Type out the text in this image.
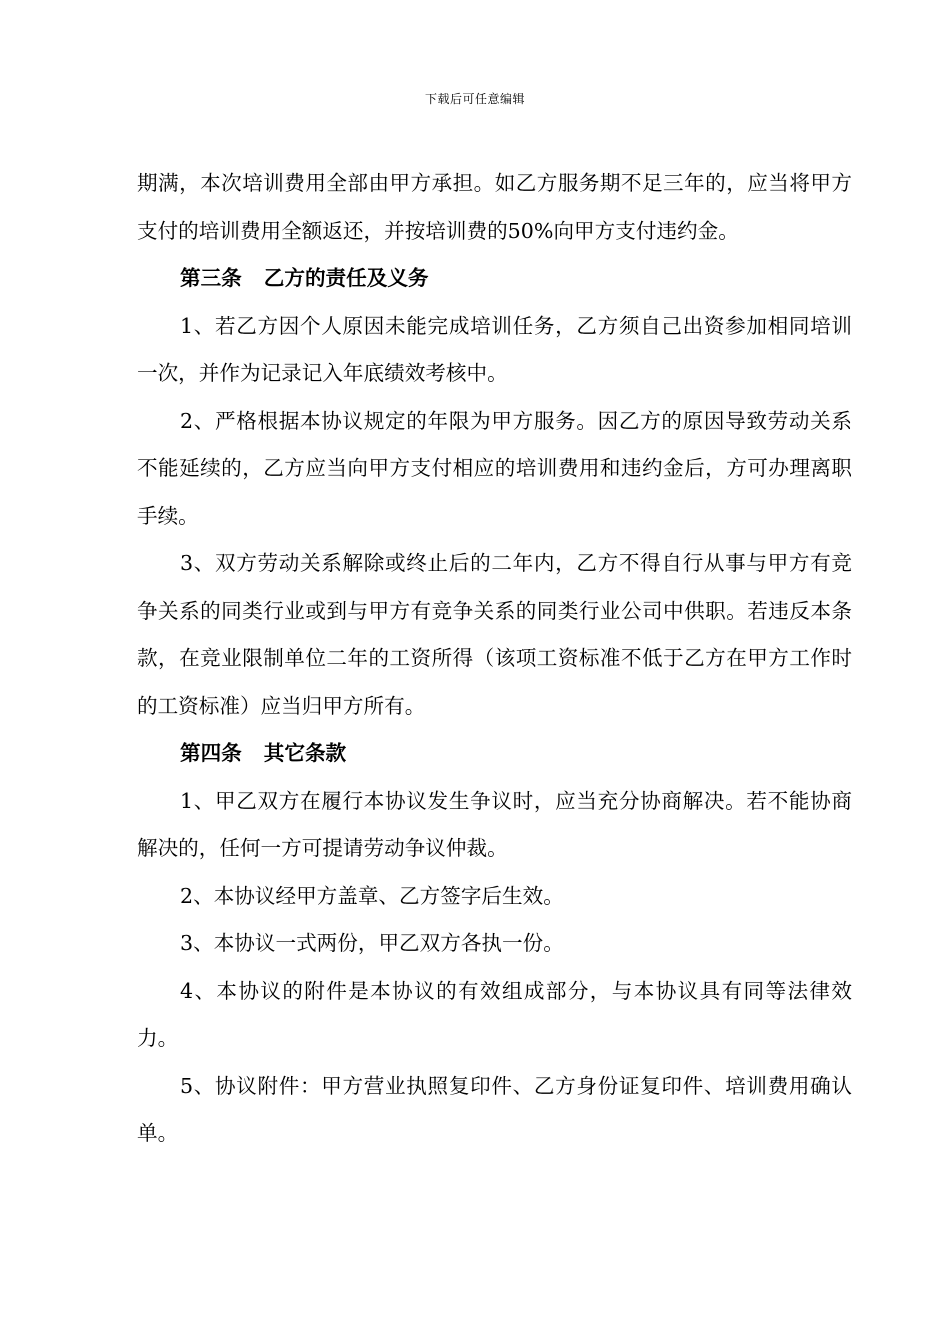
下载后可任意编辑

期满，本次培训费用全部由甲方承担。如乙方服务期不足三年的，应当将甲方支付的培训费用全额返还，并按培训费的50%向甲方支付违约金。

第三条 乙方的责任及义务

1、若乙方因个人原因未能完成培训任务，乙方须自己出资参加相同培训一次，并作为记录记入年底绩效考核中。

2、严格根据本协议规定的年限为甲方服务。因乙方的原因导致劳动关系不能延续的，乙方应当向甲方支付相应的培训费用和违约金后，方可办理离职手续。

3、双方劳动关系解除或终止后的二年内，乙方不得自行从事与甲方有竞争关系的同类行业或到与甲方有竞争关系的同类行业公司中供职。若违反本条款，在竞业限制单位二年的工资所得（该项工资标准不低于乙方在甲方工作时的工资标准）应当归甲方所有。

第四条 其它条款

1、甲乙双方在履行本协议发生争议时，应当充分协商解决。若不能协商解决的，任何一方可提请劳动争议仲裁。

2、本协议经甲方盖章、乙方签字后生效。

3、本协议一式两份，甲乙双方各执一份。

4、本协议的附件是本协议的有效组成部分，与本协议具有同等法律效力。

5、协议附件：甲方营业执照复印件、乙方身份证复印件、培训费用确认单。
